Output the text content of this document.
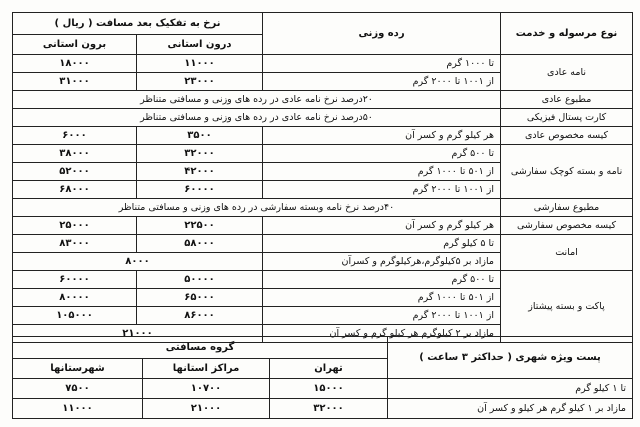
نوع مرسوله و خدمت	رده وزنی	نرخ به تفکیک بعد مسافت ( ریال )	
		درون استانی	برون استانی
نامه عادی	تا ۱۰۰۰ گرم	۱۱۰۰۰	۱۸۰۰۰
	از ۱۰۰۱ تا ۲۰۰۰ گرم	۲۳۰۰۰	۳۱۰۰۰
مطبوع عادی	۲۰درصد نرخ نامه عادی در رده های وزنی و مسافتی متناظر		
کارت پستال فیزیکی	۵۰درصد نرخ نامه عادی در رده های وزنی و مسافتی متناظر		
کیسه مخصوص عادی	هر کیلو گرم و کسر آن	۳۵۰۰	۶۰۰۰
نامه و بسته کوچک سفارشی	تا ۵۰۰ گرم	۳۲۰۰۰	۳۸۰۰۰
	از ۵۰۱ تا ۱۰۰۰ گرم	۴۲۰۰۰	۵۲۰۰۰
	از ۱۰۰۱ تا ۲۰۰۰ گرم	۶۰۰۰۰	۶۸۰۰۰
مطبوع سفارشی	۴۰درصد نرخ نامه وبسته سفارشی در رده های وزنی و مسافتی متناظر		
کیسه مخصوص سفارشی	هر کیلو گرم و کسر آن	۲۲۵۰۰	۲۵۰۰۰
امانت	تا ۵ کیلو گرم	۵۸۰۰۰	۸۳۰۰۰
	مازاد بر ۵کیلوگرم،هرکیلوگرم و کسرآن	۸۰۰۰	
پاکت و بسته پیشتاز	تا ۵۰۰ گرم	۵۰۰۰۰	۶۰۰۰۰
	از ۵۰۱ تا ۱۰۰۰ گرم	۶۵۰۰۰	۸۰۰۰۰
	از ۱۰۰۱ تا ۲۰۰۰ گرم	۸۶۰۰۰	۱۰۵۰۰۰
	مازاد بر ۲ کیلوگرم هر کیلو گرم و کسر آن	۲۱۰۰۰	
پست ویژه شهری ( حداکثر ۳ ساعت )	گروه مسافتی		
	تهران	مراکز استانها	شهرستانها
تا ۱ کیلو گرم	۱۵۰۰۰	۱۰۷۰۰	۷۵۰۰
مازاد بر ۱ کیلو گرم هر کیلو و کسر آن	۳۲۰۰۰	۲۱۰۰۰	۱۱۰۰۰
